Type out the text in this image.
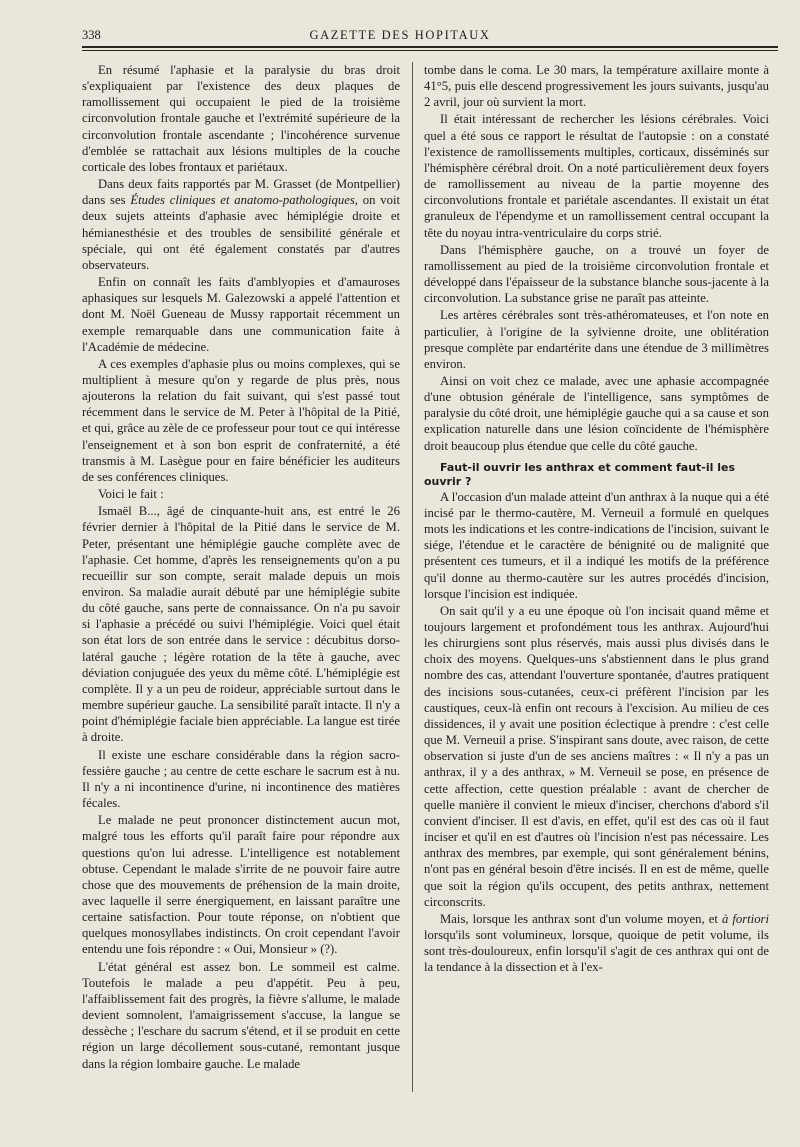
338	GAZETTE DES HOPITAUX

En résumé l'aphasie et la paralysie du bras droit s'expliquaient par l'existence des deux plaques de ramollissement qui occupaient le pied de la troisième circonvolution frontale gauche et l'extrémité supérieure de la circonvolution frontale ascendante ; l'incohérence survenue d'emblée se rattachait aux lésions multiples de la couche corticale des lobes frontaux et pariétaux.

Dans deux faits rapportés par M. Grasset (de Montpellier) dans ses Études cliniques et anatomo-pathologiques, on voit deux sujets atteints d'aphasie avec hémiplégie droite et hémianesthésie et des troubles de sensibilité générale et spéciale, qui ont été également constatés par d'autres observateurs.

Enfin on connaît les faits d'amblyopies et d'amauroses aphasiques sur lesquels M. Galezowski a appelé l'attention et dont M. Noël Gueneau de Mussy rapportait récemment un exemple remarquable dans une communication faite à l'Académie de médecine.

A ces exemples d'aphasie plus ou moins complexes, qui se multiplient à mesure qu'on y regarde de plus près, nous ajouterons la relation du fait suivant, qui s'est passé tout récemment dans le service de M. Peter à l'hôpital de la Pitié, et qui, grâce au zèle de ce professeur pour tout ce qui intéresse l'enseignement et à son bon esprit de confraternité, a été transmis à M. Lasègue pour en faire bénéficier les auditeurs de ses conférences cliniques.

Voici le fait :

Ismaël B..., âgé de cinquante-huit ans, est entré le 26 février dernier à l'hôpital de la Pitié dans le service de M. Peter, présentant une hémiplégie gauche complète avec de l'aphasie. Cet homme, d'après les renseignements qu'on a pu recueillir sur son compte, serait malade depuis un mois environ. Sa maladie aurait débuté par une hémiplégie subite du côté gauche, sans perte de connaissance. On n'a pu savoir si l'aphasie a précédé ou suivi l'hémiplégie. Voici quel était son état lors de son entrée dans le service : décubitus dorso-latéral gauche ; légère rotation de la tête à gauche, avec déviation conjuguée des yeux du même côté. L'hémiplégie est complète. Il y a un peu de roideur, appréciable surtout dans le membre supérieur gauche. La sensibilité paraît intacte. Il n'y a point d'hémiplégie faciale bien appréciable. La langue est tirée à droite.

Il existe une eschare considérable dans la région sacro-fessière gauche ; au centre de cette eschare le sacrum est à nu. Il n'y a ni incontinence d'urine, ni incontinence des matières fécales.

Le malade ne peut prononcer distinctement aucun mot, malgré tous les efforts qu'il paraît faire pour répondre aux questions qu'on lui adresse. L'intelligence est notablement obtuse. Cependant le malade s'irrite de ne pouvoir faire autre chose que des mouvements de préhension de la main droite, avec laquelle il serre énergiquement, en laissant paraître une certaine satisfaction. Pour toute réponse, on n'obtient que quelques monosyllabes indistincts. On croit cependant l'avoir entendu une fois répondre : « Oui, Monsieur » (?).

L'état général est assez bon. Le sommeil est calme. Toutefois le malade a peu d'appétit. Peu à peu, l'affaiblissement fait des progrès, la fièvre s'allume, le malade devient somnolent, l'amaigrissement s'accuse, la langue se dessèche ; l'eschare du sacrum s'étend, et il se produit en cette région un large décollement sous-cutané, remontant jusque dans la région lombaire gauche. Le malade

tombe dans le coma. Le 30 mars, la température axillaire monte à 41°5, puis elle descend progressivement les jours suivants, jusqu'au 2 avril, jour où survient la mort.

Il était intéressant de rechercher les lésions cérébrales. Voici quel a été sous ce rapport le résultat de l'autopsie : on a constaté l'existence de ramollissements multiples, corticaux, disséminés sur l'hémisphère cérébral droit. On a noté particulièrement deux foyers de ramollissement au niveau de la partie moyenne des circonvolutions frontale et pariétale ascendantes. Il existait un état granuleux de l'épendyme et un ramollissement central occupant la tête du noyau intra-ventriculaire du corps strié.

Dans l'hémisphère gauche, on a trouvé un foyer de ramollissement au pied de la troisième circonvolution frontale et développé dans l'épaisseur de la substance blanche sous-jacente à la circonvolution. La substance grise ne paraît pas atteinte.

Les artères cérébrales sont très-athéromateuses, et l'on note en particulier, à l'origine de la sylvienne droite, une oblitération presque complète par endartérite dans une étendue de 3 millimètres environ.

Ainsi on voit chez ce malade, avec une aphasie accompagnée d'une obtusion générale de l'intelligence, sans symptômes de paralysie du côté droit, une hémiplégie gauche qui a sa cause et son explication naturelle dans une lésion coïncidente de l'hémisphère droit beaucoup plus étendue que celle du côté gauche.

Faut-il ouvrir les anthrax et comment faut-il les ouvrir ?

A l'occasion d'un malade atteint d'un anthrax à la nuque qui a été incisé par le thermo-cautère, M. Verneuil a formulé en quelques mots les indications et les contre-indications de l'incision, suivant le siége, l'étendue et le caractère de bénignité ou de malignité que présentent ces tumeurs, et il a indiqué les motifs de la préférence qu'il donne au thermo-cautère sur les autres procédés d'incision, lorsque l'incision est indiquée.

On sait qu'il y a eu une époque où l'on incisait quand même et toujours largement et profondément tous les anthrax. Aujourd'hui les chirurgiens sont plus réservés, mais aussi plus divisés dans le choix des moyens. Quelques-uns s'abstiennent dans le plus grand nombre des cas, attendant l'ouverture spontanée, d'autres pratiquent des incisions sous-cutanées, ceux-ci préfèrent l'incision par les caustiques, ceux-là enfin ont recours à l'excision. Au milieu de ces dissidences, il y avait une position éclectique à prendre : c'est celle que M. Verneuil a prise. S'inspirant sans doute, avec raison, de cette observation si juste d'un de ses anciens maîtres : « Il n'y a pas un anthrax, il y a des anthrax, » M. Verneuil se pose, en présence de cette affection, cette question préalable : avant de chercher de quelle manière il convient le mieux d'inciser, cherchons d'abord s'il convient d'inciser. Il est d'avis, en effet, qu'il est des cas où il faut inciser et qu'il en est d'autres où l'incision n'est pas nécessaire. Les anthrax des membres, par exemple, qui sont généralement bénins, n'ont pas en général besoin d'être incisés. Il en est de même, quelle que soit la région qu'ils occupent, des petits anthrax, nettement circonscrits.

Mais, lorsque les anthrax sont d'un volume moyen, et à fortiori lorsqu'ils sont volumineux, lorsque, quoique de petit volume, ils sont très-douloureux, enfin lorsqu'il s'agit de ces anthrax qui ont de la tendance à la dissection et à l'ex-
